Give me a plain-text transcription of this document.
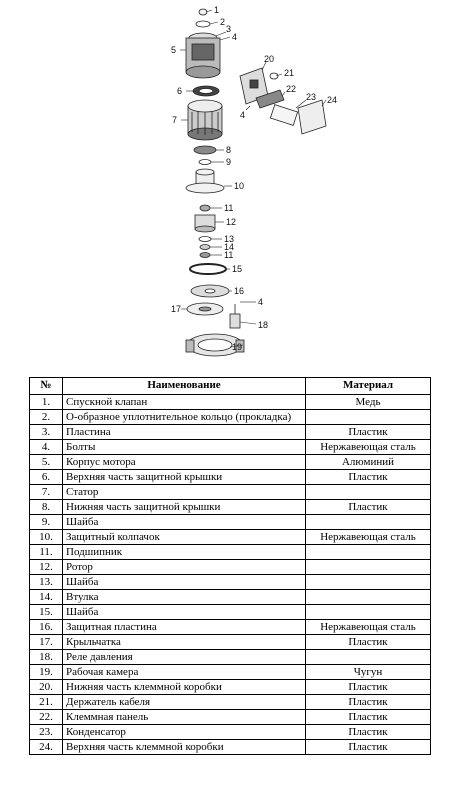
1
2
3
4
5
6
7
8
9
10
11
12
13
14
11
15
16
17
4
18
19
20
21
4
22
23 24
№	Наименование	Материал
1.	Спускной клапан	Медь
2.	О-образное уплотнительное кольцо (прокладка)	
3.	Пластина	Пластик
4.	Болты	Нержавеющая сталь
5.	Корпус мотора	Алюминий
6.	Верхняя часть защитной крышки	Пластик
7.	Статор	
8.	Нижняя часть защитной крышки	Пластик
9.	Шайба	
10.	Защитный колпачок	Нержавеющая сталь
11.	Подшипник	
12.	Ротор	
13.	Шайба	
14.	Втулка	
15.	Шайба	
16.	Защитная пластина	Нержавеющая сталь
17.	Крыльчатка	Пластик
18.	Реле давления	
19.	Рабочая камера	Чугун
20.	Нижняя часть клеммной коробки	Пластик
21.	Держатель кабеля	Пластик
22.	Клеммная панель	Пластик
23.	Конденсатор	Пластик
24.	Верхняя часть клеммной коробки	Пластик
